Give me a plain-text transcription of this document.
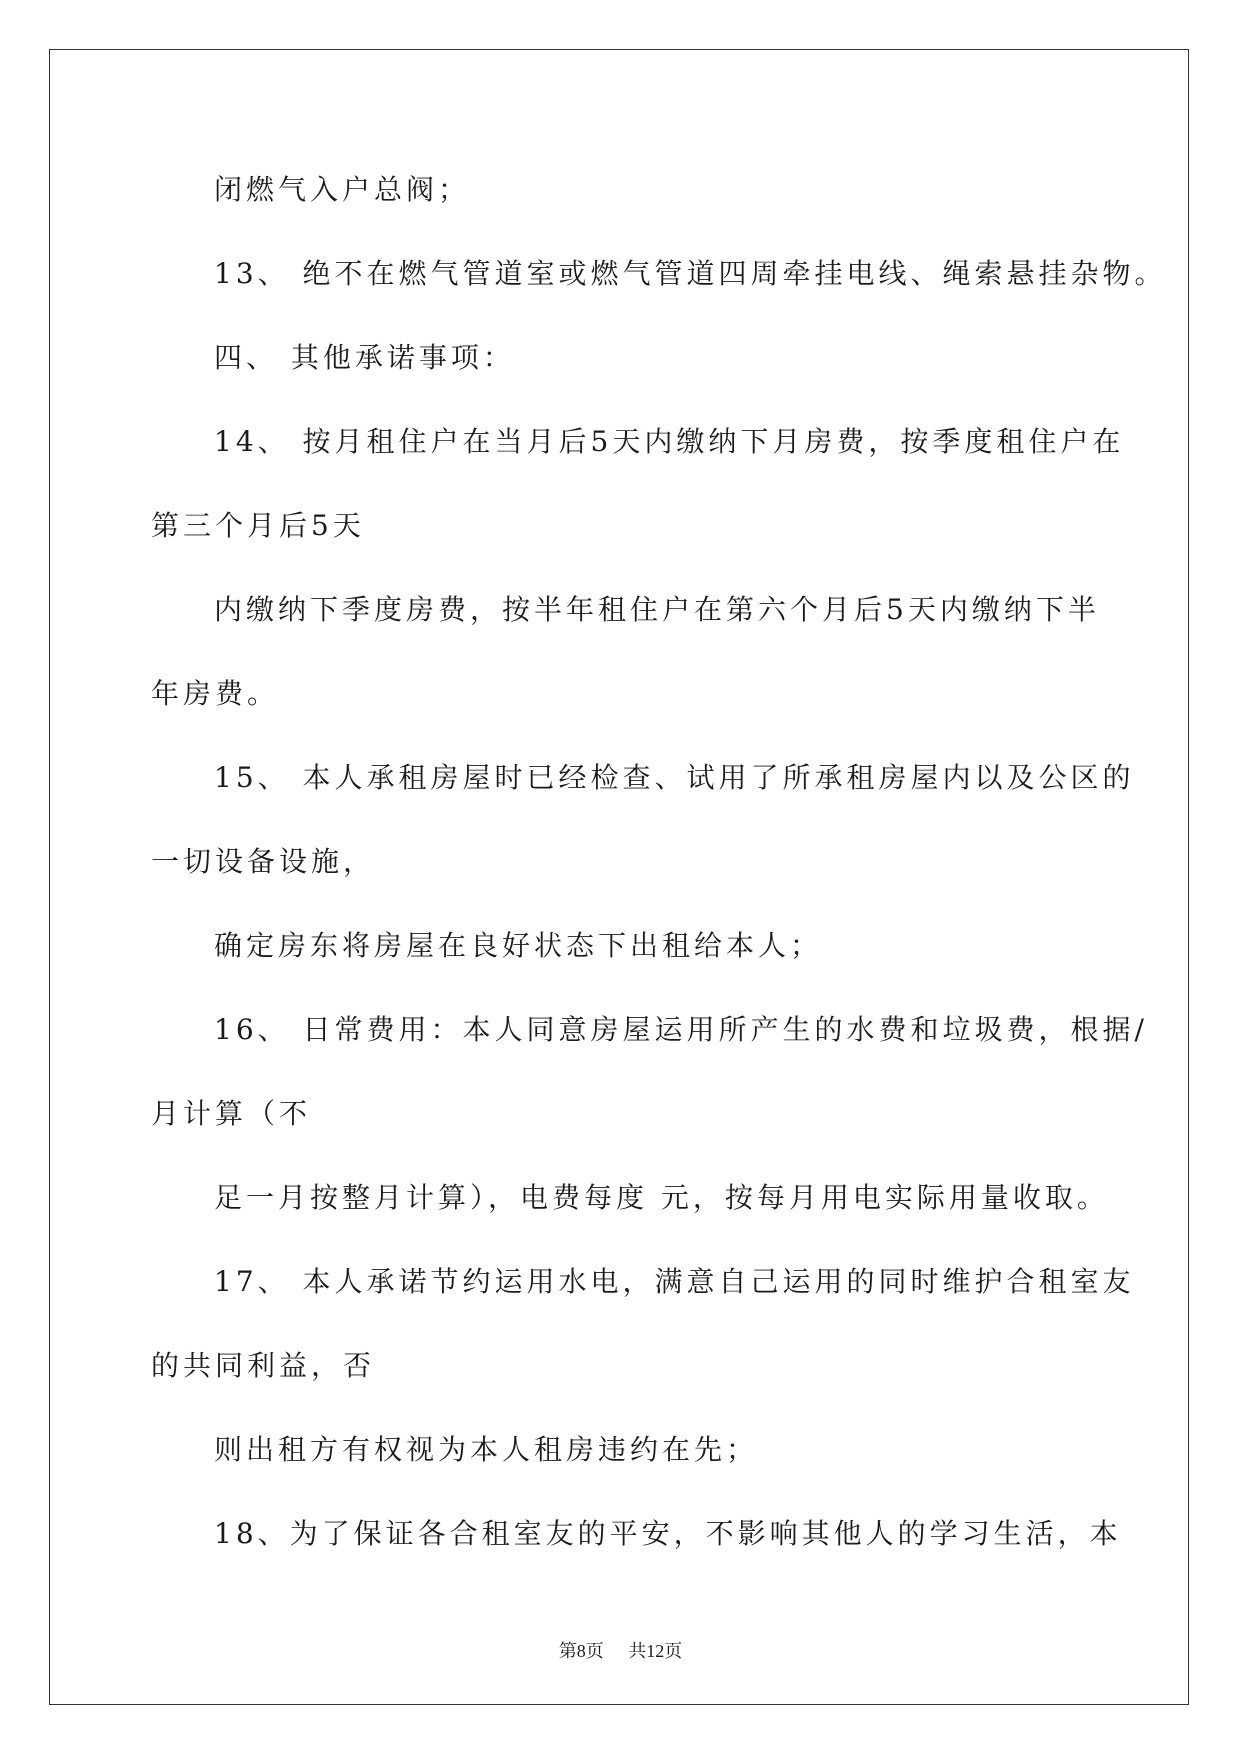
闭燃气入户总阀；
13、 绝不在燃气管道室或燃气管道四周牵挂电线、绳索悬挂杂物。
四、 其他承诺事项：
14、 按月租住户在当月后5天内缴纳下月房费，按季度租住户在
第三个月后5天
内缴纳下季度房费，按半年租住户在第六个月后5天内缴纳下半
年房费。
15、 本人承租房屋时已经检查、试用了所承租房屋内以及公区的
一切设备设施，
确定房东将房屋在良好状态下出租给本人；
16、 日常费用：本人同意房屋运用所产生的水费和垃圾费，根据/
月计算（不
足一月按整月计算），电费每度 元，按每月用电实际用量收取。
17、 本人承诺节约运用水电，满意自己运用的同时维护合租室友
的共同利益，否
则出租方有权视为本人租房违约在先；
18、为了保证各合租室友的平安，不影响其他人的学习生活，本
第8页 共12页
